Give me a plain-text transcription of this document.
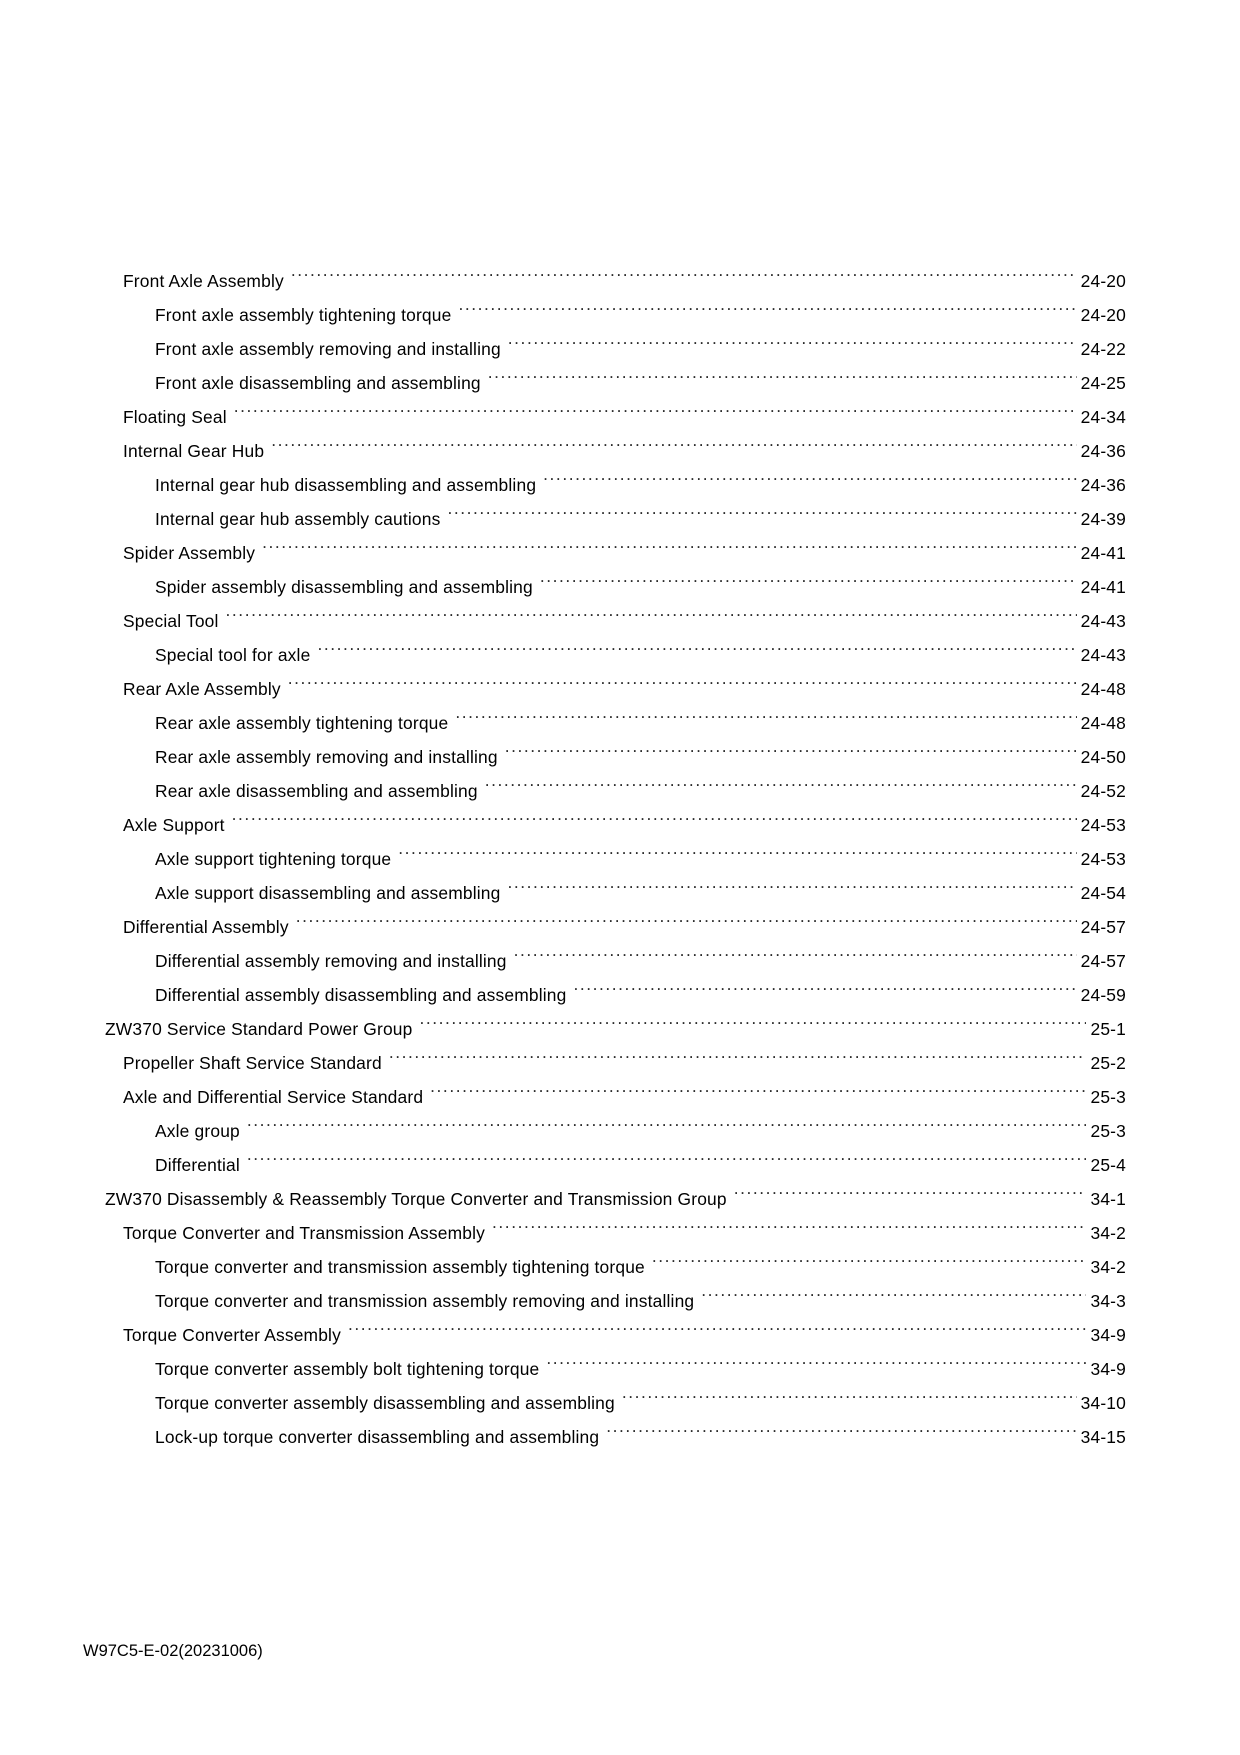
Front Axle Assembly .....	24-20
Front axle assembly tightening torque .....	24-20
Front axle assembly removing and installing .....	24-22
Front axle disassembling and assembling .....	24-25
Floating Seal .....	24-34
Internal Gear Hub .....	24-36
Internal gear hub disassembling and assembling .....	24-36
Internal gear hub assembly cautions .....	24-39
Spider Assembly .....	24-41
Spider assembly disassembling and assembling .....	24-41
Special Tool .....	24-43
Special tool for axle .....	24-43
Rear Axle Assembly .....	24-48
Rear axle assembly tightening torque .....	24-48
Rear axle assembly removing and installing .....	24-50
Rear axle disassembling and assembling .....	24-52
Axle Support .....	24-53
Axle support tightening torque .....	24-53
Axle support disassembling and assembling .....	24-54
Differential Assembly .....	24-57
Differential assembly removing and installing .....	24-57
Differential assembly disassembling and assembling .....	24-59
ZW370 Service Standard Power Group .....	25-1
Propeller Shaft Service Standard .....	25-2
Axle and Differential Service Standard .....	25-3
Axle group .....	25-3
Differential .....	25-4
ZW370 Disassembly & Reassembly Torque Converter and Transmission Group .....	34-1
Torque Converter and Transmission Assembly .....	34-2
Torque converter and transmission assembly tightening torque .....	34-2
Torque converter and transmission assembly removing and installing .....	34-3
Torque Converter Assembly .....	34-9
Torque converter assembly bolt tightening torque .....	34-9
Torque converter assembly disassembling and assembling .....	34-10
Lock-up torque converter disassembling and assembling .....	34-15
W97C5-E-02(20231006)
